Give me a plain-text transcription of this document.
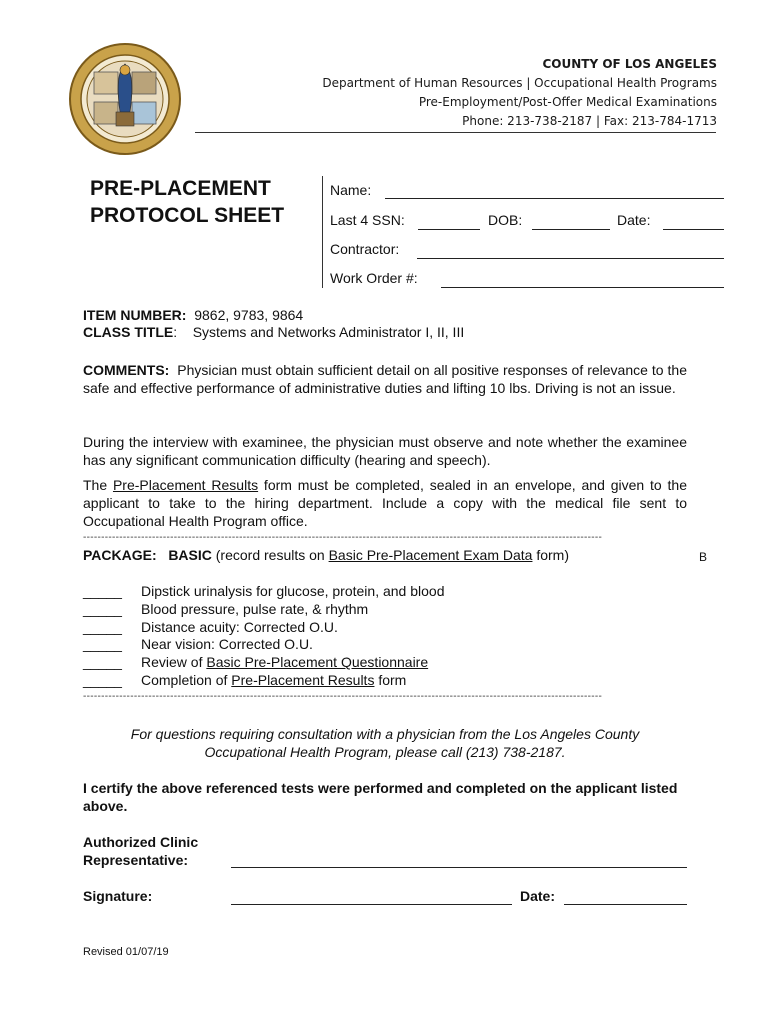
COUNTY OF LOS ANGELES
Department of Human Resources | Occupational Health Programs
Pre-Employment/Post-Offer Medical Examinations
Phone: 213-738-2187 | Fax: 213-784-1713
PRE-PLACEMENT
PROTOCOL SHEET
Name:
Last 4 SSN:	DOB:	Date:
Contractor:
Work Order #:
ITEM NUMBER: 9862, 9783, 9864
CLASS TITLE: Systems and Networks Administrator I, II, III
COMMENTS: Physician must obtain sufficient detail on all positive responses of relevance to the safe and effective performance of administrative duties and lifting 10 lbs. Driving is not an issue.
During the interview with examinee, the physician must observe and note whether the examinee has any significant communication difficulty (hearing and speech).
The Pre-Placement Results form must be completed, sealed in an envelope, and given to the applicant to take to the hiring department. Include a copy with the medical file sent to Occupational Health Program office.
-----------------------------------------------------------------------------------------------------------------------------------------------
PACKAGE: BASIC (record results on Basic Pre-Placement Exam Data form)	B
_____	Dipstick urinalysis for glucose, protein, and blood
_____	Blood pressure, pulse rate, & rhythm
_____	Distance acuity: Corrected O.U.
_____	Near vision: Corrected O.U.
_____	Review of Basic Pre-Placement Questionnaire
_____	Completion of Pre-Placement Results form
-----------------------------------------------------------------------------------------------------------------------------------------------
For questions requiring consultation with a physician from the Los Angeles County
Occupational Health Program, please call (213) 738-2187.
I certify the above referenced tests were performed and completed on the applicant listed above.
Authorized Clinic
Representative:
Signature:	Date:
Revised 01/07/19
